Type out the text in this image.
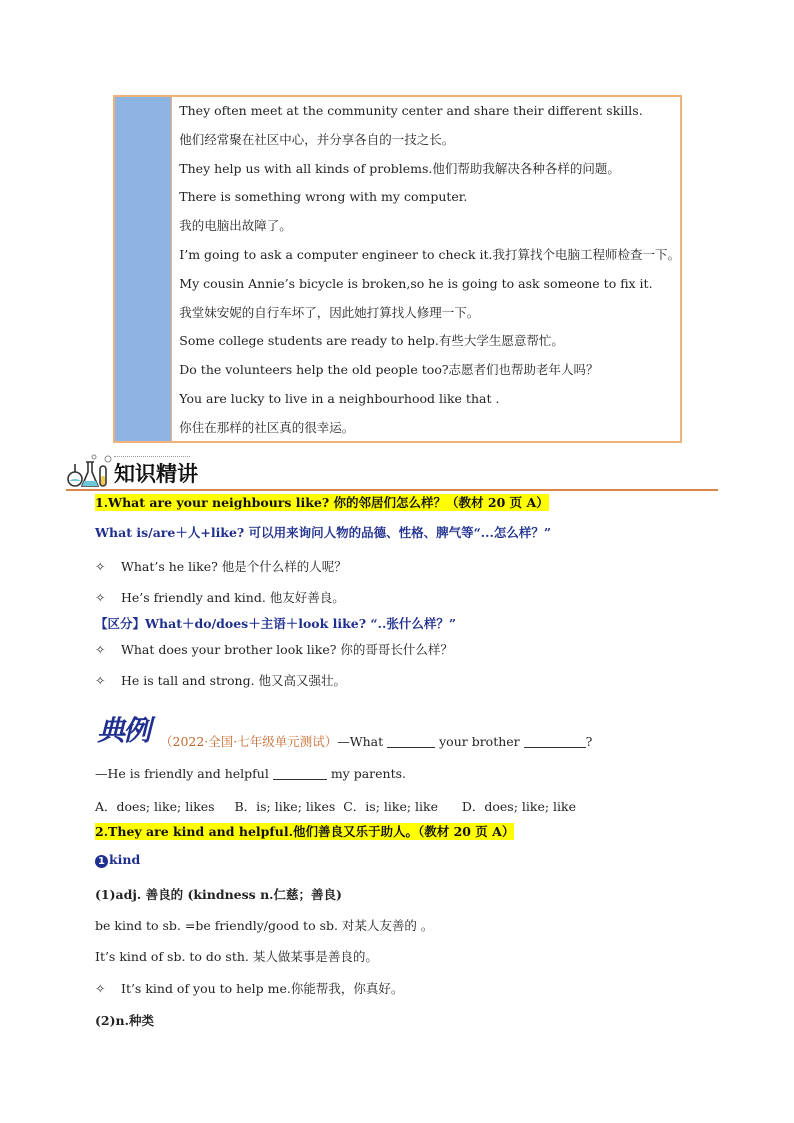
They often meet at the community center and share their different skills.
他们经常聚在社区中心，并分享各自的一技之长。
They help us with all kinds of problems.他们帮助我解决各种各样的问题。
There is something wrong with my computer.
我的电脑出故障了。
I’m going to ask a computer engineer to check it.我打算找个电脑工程师检查一下。
My cousin Annie’s bicycle is broken,so he is going to ask someone to fix it.
我堂妹安妮的自行车坏了，因此她打算找人修理一下。
Some college students are ready to help.有些大学生愿意帮忙。
Do the volunteers help the old people too?志愿者们也帮助老年人吗？
You are lucky to live in a neighbourhood like that .
你住在那样的社区真的很幸运。
知识精讲
1.What are your neighbours like? 你的邻居们怎么样？（教材 20 页 A）
What is/are＋人+like? 可以用来询问人物的品德、性格、脾气等“...怎么样？”
✧ What’s he like? 他是个什么样的人呢？
✧ He’s friendly and kind. 他友好善良。
【区分】What＋do/does＋主语＋look like? “..张什么样？”
✧ What does your brother look like? 你的哥哥长什么样？
✧ He is tall and strong. 他又高又强壮。
典例 （2022·全国·七年级单元测试）—What	your brother	?
—He is friendly and helpful	my parents.
A．does; like; likes     B．is; like; likes  C．is; like; like      D．does; like; like
2.They are kind and helpful.他们善良又乐于助人。（教材 20 页 A）
1 kind
(1)adj. 善良的 (kindness n.仁慈；善良)
be kind to sb. =be friendly/good to sb. 对某人友善的 。
It’s kind of sb. to do sth. 某人做某事是善良的。
✧ It’s kind of you to help me.你能帮我，你真好。
(2)n.种类
